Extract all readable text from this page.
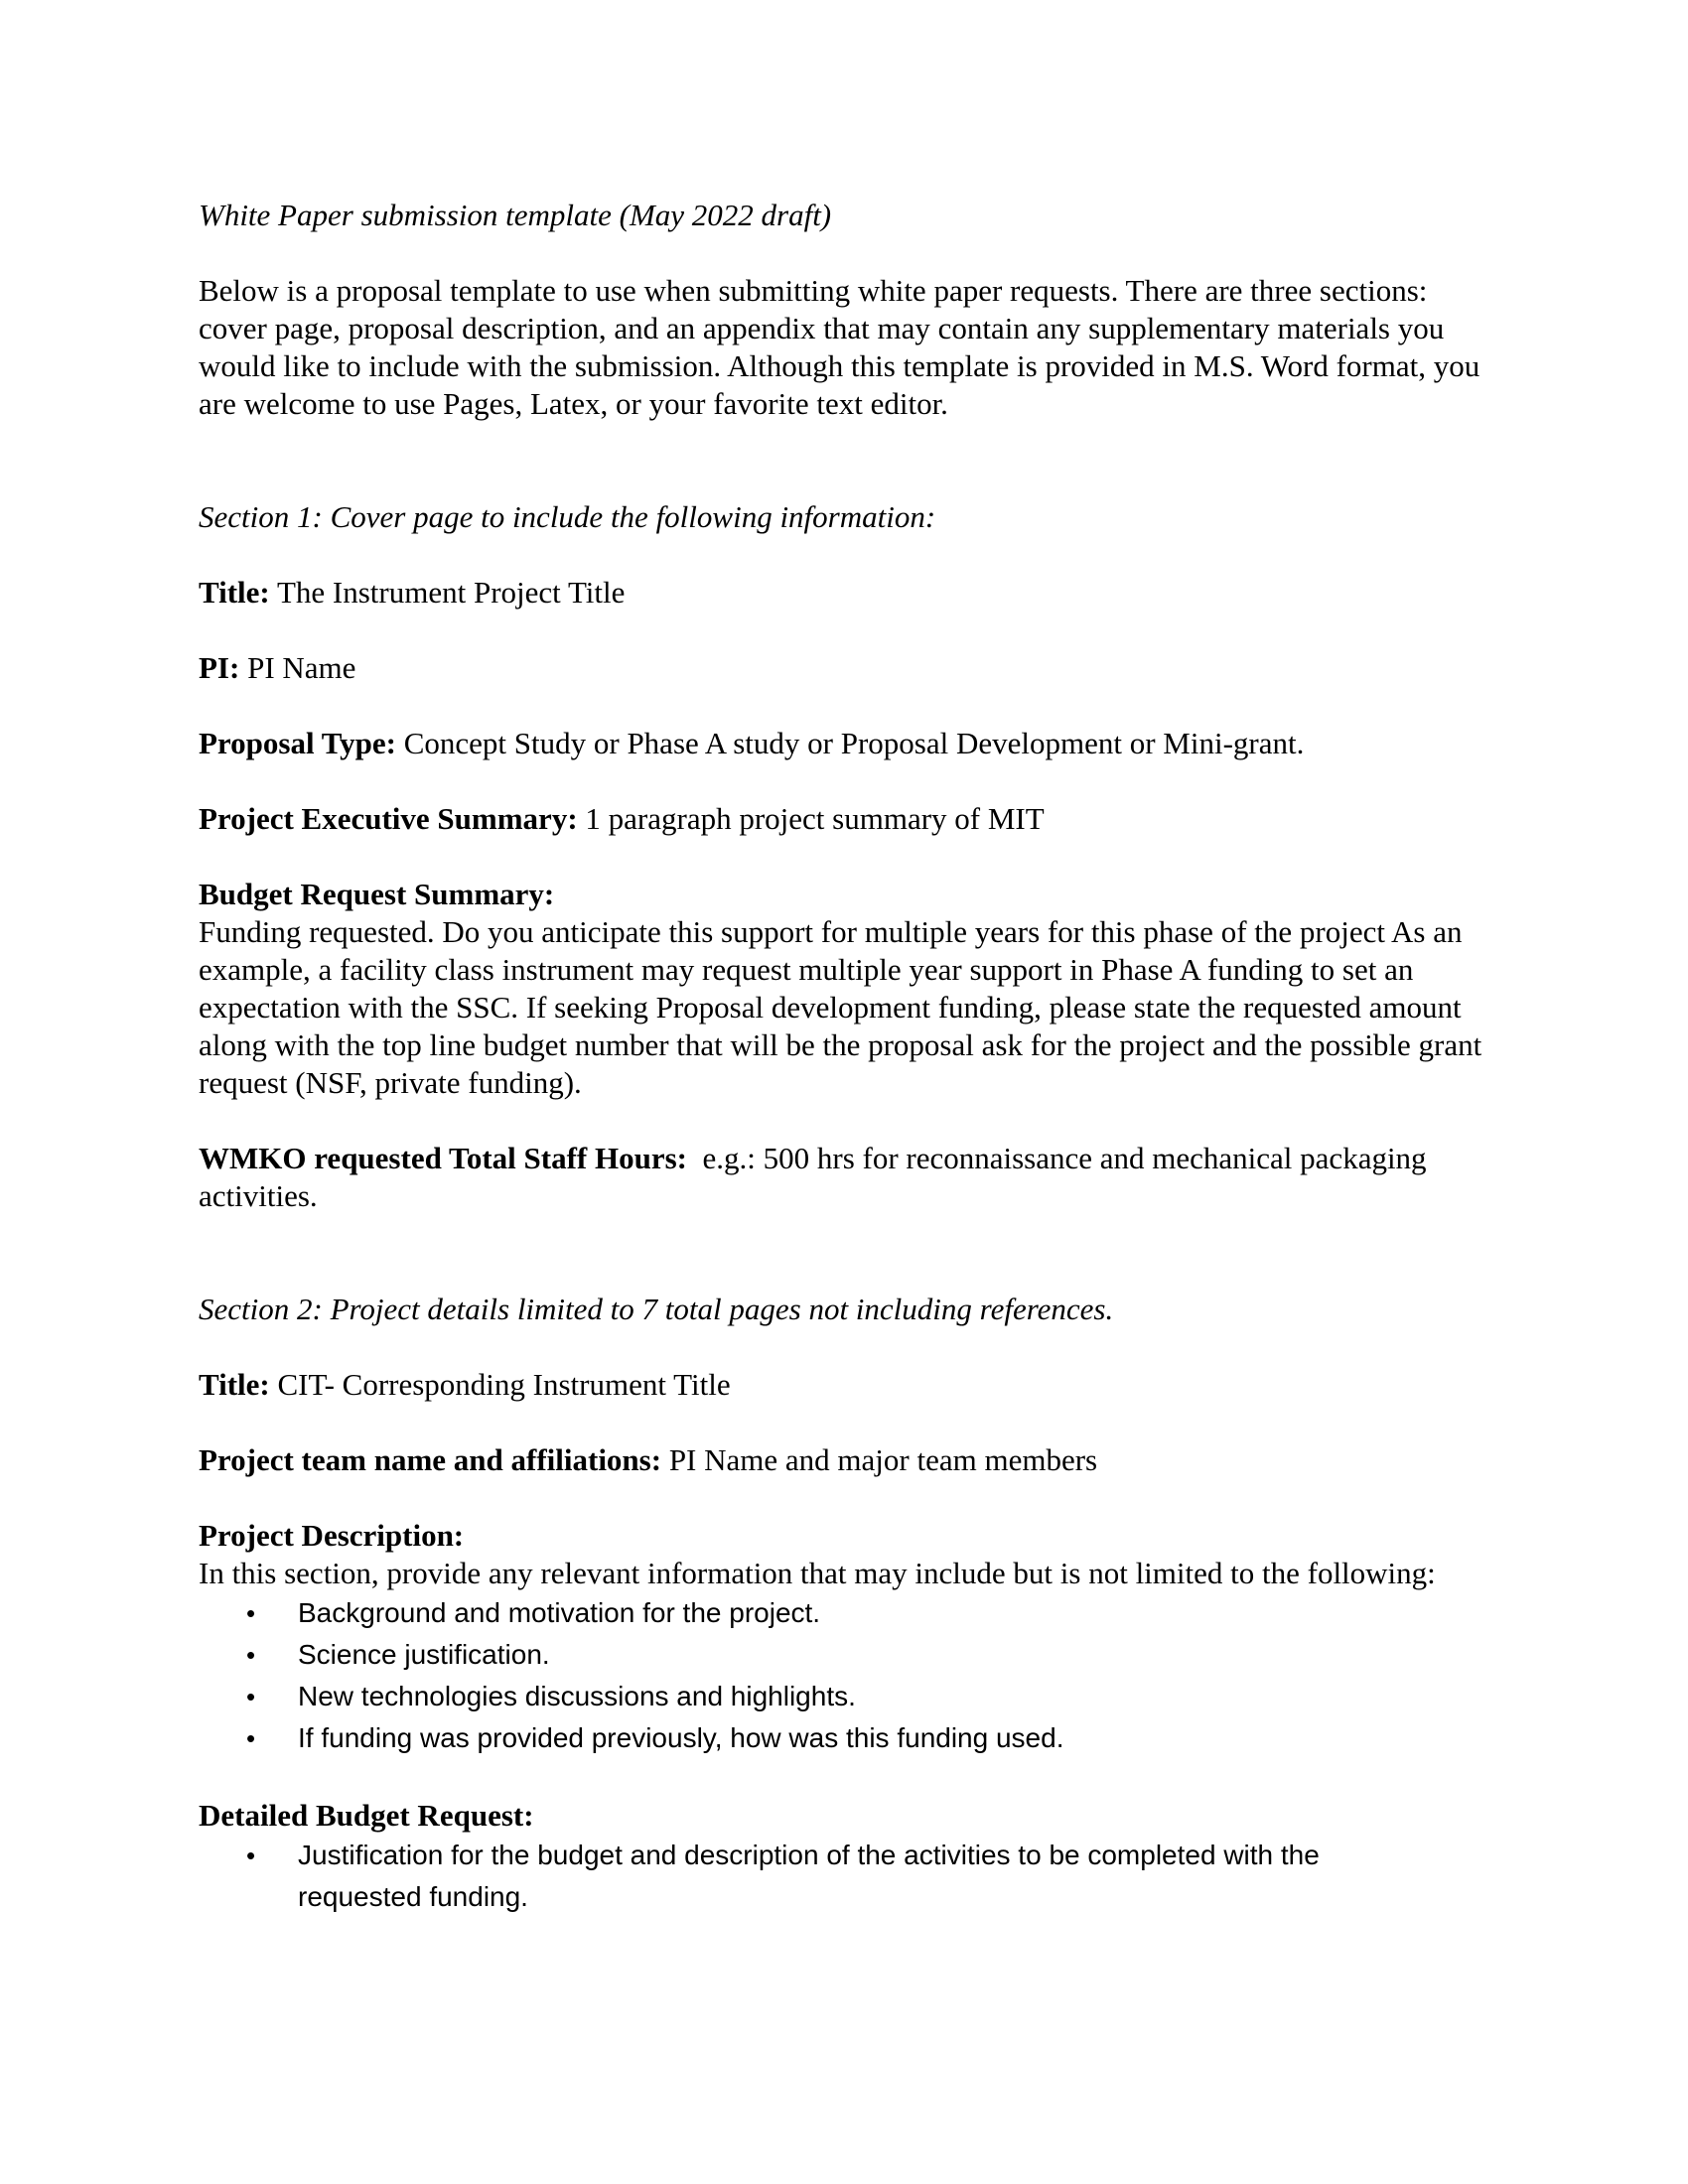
White Paper submission template (May 2022 draft)

Below is a proposal template to use when submitting white paper requests. There are three sections: cover page, proposal description, and an appendix that may contain any supplementary materials you would like to include with the submission. Although this template is provided in M.S. Word format, you are welcome to use Pages, Latex, or your favorite text editor.

Section 1: Cover page to include the following information:

Title: The Instrument Project Title

PI: PI Name

Proposal Type: Concept Study or Phase A study or Proposal Development or Mini-grant.

Project Executive Summary: 1 paragraph project summary of MIT

Budget Request Summary:

Funding requested. Do you anticipate this support for multiple years for this phase of the project As an example, a facility class instrument may request multiple year support in Phase A funding to set an expectation with the SSC. If seeking Proposal development funding, please state the requested amount along with the top line budget number that will be the proposal ask for the project and the possible grant request (NSF, private funding).

WMKO requested Total Staff Hours: e.g.: 500 hrs for reconnaissance and mechanical packaging activities.

Section 2: Project details limited to 7 total pages not including references.

Title: CIT- Corresponding Instrument Title

Project team name and affiliations: PI Name and major team members

Project Description:

In this section, provide any relevant information that may include but is not limited to the following:

• Background and motivation for the project.
• Science justification.
• New technologies discussions and highlights.
• If funding was provided previously, how was this funding used.

Detailed Budget Request:

• Justification for the budget and description of the activities to be completed with the requested funding.
